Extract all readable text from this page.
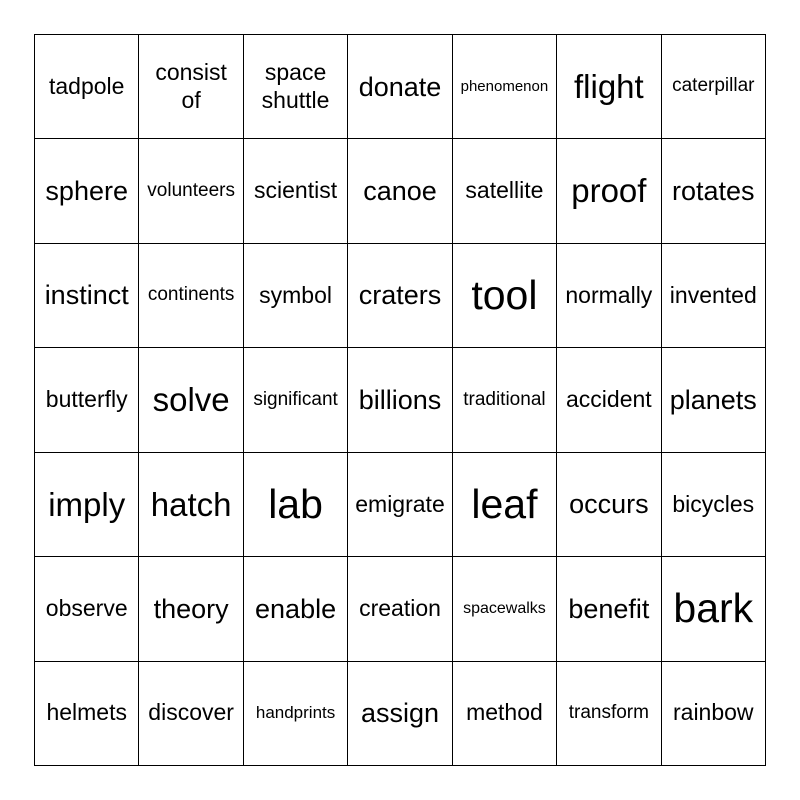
tadpole
consist of
space shuttle	donate phenomenon flight caterpillar
sphere volunteers scientist canoe satellite proof rotates
instinct continents symbol craters tool normally invented
butterfly solve significant billions traditional accident planets
imply hatch lab emigrate leaf occurs bicycles
observe theory enable creation spacewalks benefit bark
helmets discover handprints assign method transform rainbow
